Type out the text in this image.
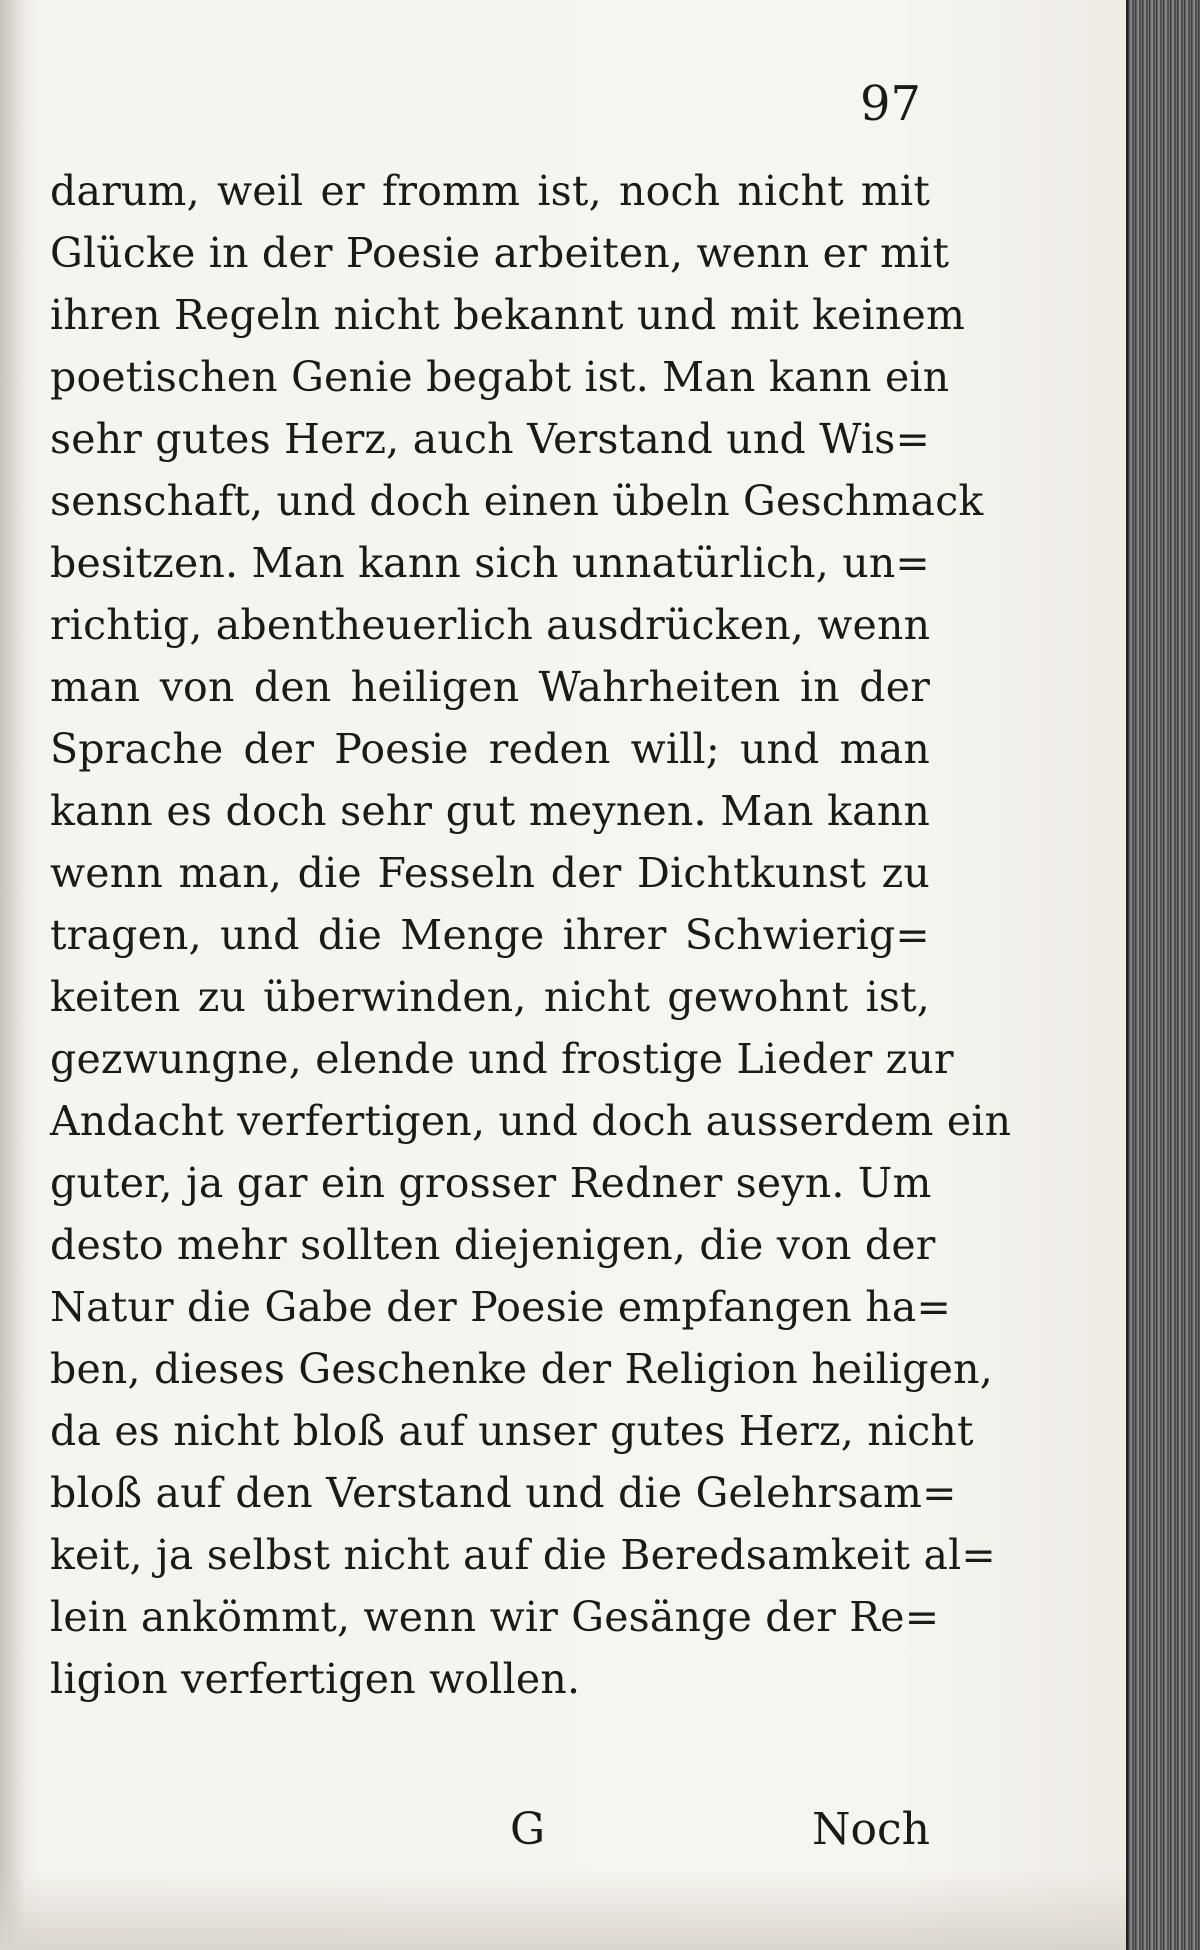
97
darum, weil er fromm ist, noch nicht mit
Glücke in der Poesie arbeiten, wenn er mit
ihren Regeln nicht bekannt und mit keinem
poetischen Genie begabt ist. Man kann ein
sehr gutes Herz, auch Verstand und Wis=
senschaft, und doch einen übeln Geschmack
besitzen. Man kann sich unnatürlich, un=
richtig, abentheuerlich ausdrücken, wenn
man von den heiligen Wahrheiten in der
Sprache der Poesie reden will; und man
kann es doch sehr gut meynen. Man kann
wenn man, die Fesseln der Dichtkunst zu
tragen, und die Menge ihrer Schwierig=
keiten zu überwinden, nicht gewohnt ist,
gezwungne, elende und frostige Lieder zur
Andacht verfertigen, und doch ausserdem ein
guter, ja gar ein grosser Redner seyn. Um
desto mehr sollten diejenigen, die von der
Natur die Gabe der Poesie empfangen ha=
ben, dieses Geschenke der Religion heiligen,
da es nicht bloß auf unser gutes Herz, nicht
bloß auf den Verstand und die Gelehrsam=
keit, ja selbst nicht auf die Beredsamkeit al=
lein ankömmt, wenn wir Gesänge der Re=
ligion verfertigen wollen.
G	Noch
